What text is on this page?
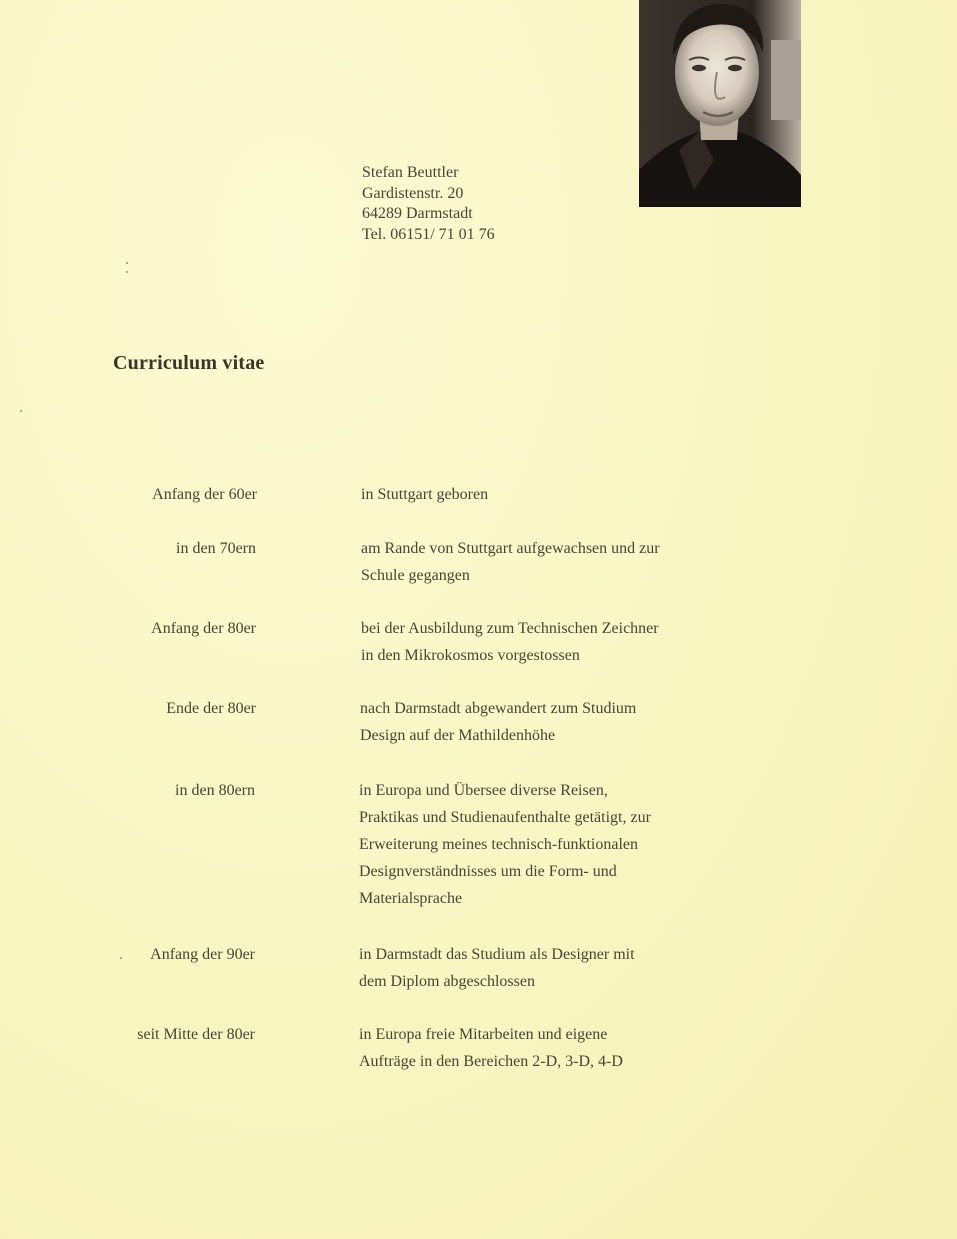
Stefan Beuttler
Gardistenstr. 20
64289 Darmstadt
Tel. 06151/ 71 01 76
Curriculum vitae
Anfang der 60er	in Stuttgart geboren
in den 70ern	am Rande von Stuttgart aufgewachsen und zur
Schule gegangen
Anfang der 80er	bei der Ausbildung zum Technischen Zeichner
in den Mikrokosmos vorgestossen
Ende der 80er	nach Darmstadt abgewandert zum Studium
Design auf der Mathildenhöhe
in den 80ern	in Europa und Übersee diverse Reisen,
Praktikas und Studienaufenthalte getätigt, zur
Erweiterung meines technisch-funktionalen
Designverständnisses um die Form- und
Materialsprache
Anfang der 90er	in Darmstadt das Studium als Designer mit
dem Diplom abgeschlossen
seit Mitte der 80er	in Europa freie Mitarbeiten und eigene
Aufträge in den Bereichen 2-D, 3-D, 4-D
